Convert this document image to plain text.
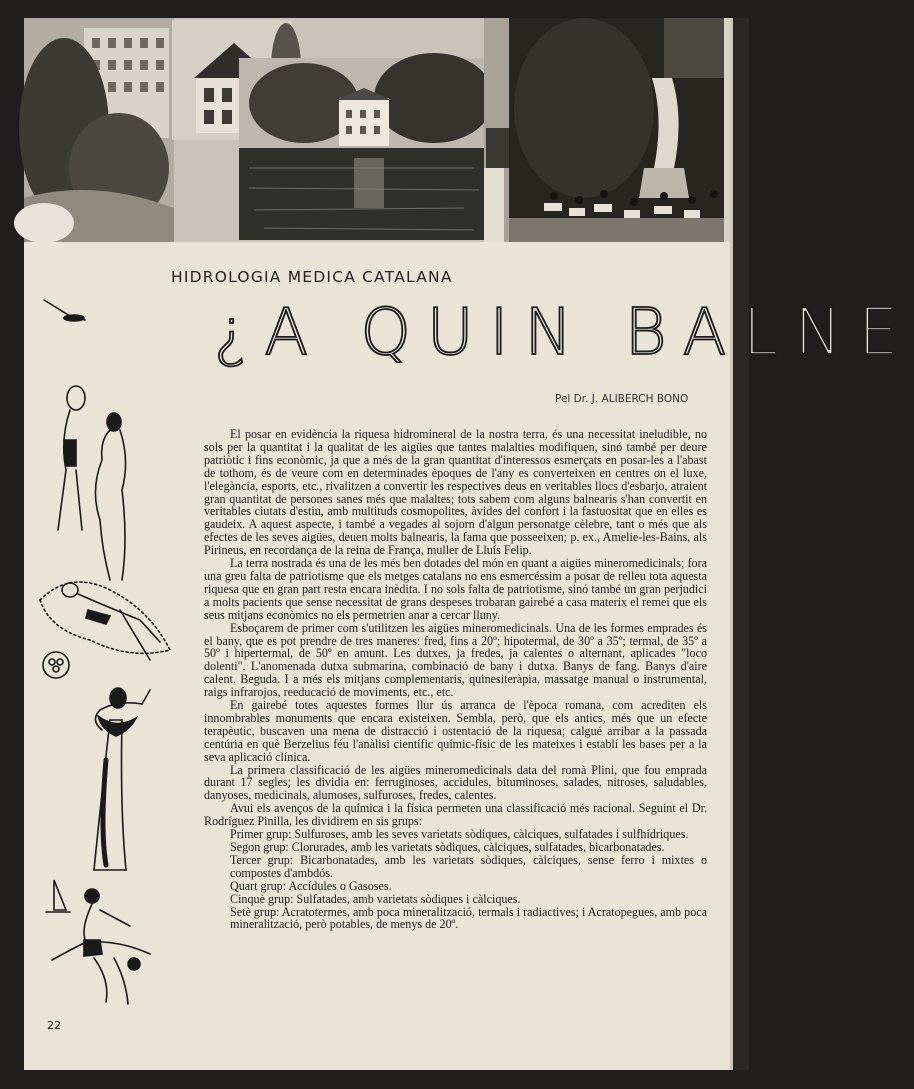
HIDROLOGIA MEDICA CATALANA
¿A QUIN BALNE
Pel Dr. J. ALIBERCH BONO

El posar en evidència la riquesa hidromineral de la nostra terra, és una necessitat ineludible, no sols per la quantitat i la qualitat de les aigües que tantes malalties modifiquen, sinó també per deure patriòtic i fins econòmic, ja que a més de la gran quantitat d'interessos esmerçats en posar-les a l'abast de tothom, és de veure com en determinades èpoques de l'any es converteixen en centres on el luxe, l'elegància, esports, etc., rivalitzen a convertir les respectives deus en veritables llocs d'esbarjo, atraient gran quantitat de persones sanes més que malaltes; tots sabem com alguns balnearis s'han convertit en veritables ciutats d'estiu, amb multituds cosmopolites, àvides del confort i la fastuositat que en elles es gaudeix. A aquest aspecte, i també a vegades al sojorn d'algun personatge cèlebre, tant o més que als efectes de les seves aigües, deuen molts balnearis, la fama que posseeixen; p. ex., Amelie-les-Bains, als Pirineus, en recordança de la reina de França, muller de Lluís Felip.

La terra nostrada és una de les més ben dotades del món en quant a aigües mineromedicinals; fora una greu falta de patriotisme que els metges catalans no ens esmercéssim a posar de relleu tota aquesta riquesa que en gran part resta encara inèdita. I no sols falta de patriotisme, sinó també un gran perjudici a molts pacients que sense necessitat de grans despeses trobaran gairebé a casa materix el remei que els seus mitjans econòmics no els permetrien anar a cercar lluny.

Esboçarem de primer com s'utilitzen les aigües mineromedicinals. Una de les formes emprades és el bany, que es pot prendre de tres maneres: fred, fins a 20º; hipotermal, de 30º a 35º; termal, de 35º a 50º i hipertermal, de 50º en amunt. Les dutxes, ja fredes, ja calentes o alternant, aplicades "loco dolenti". L'anomenada dutxa submarina, combinació de bany i dutxa. Banys de fang. Banys d'aire calent. Beguda. I a més els mitjans complementaris, quinesiteràpia, massatge manual o instrumental, raigs infrarojos, reeducació de moviments, etc., etc.

En gairebé totes aquestes formes llur ús arranca de l'època romana, com acrediten els innombrables monuments que encara existeixen. Sembla, però, que els antics, més que un efecte terapèutic, buscaven una mena de distracció i ostentació de la riquesa; calgué arribar a la passada centúria en què Berzelius féu l'anàlisi científic químic-físic de les mateixes i establí les bases per a la seva aplicació clínica.

La primera classificació de les aigües mineromedicinals data del romà Plini, que fou emprada durant 17 segles; les dividia en: ferruginoses, accidules, bituminoses, salades, nitroses, saludables, danyoses, medicinals, alumoses, sulfuroses, fredes, calentes.

Avui els avenços de la química i la física permeten una classificació més racional. Seguint el Dr. Rodríguez Pinilla, les dividirem en sis grups:

Primer grup: Sulfuroses, amb les seves varietats sòdiques, càlciques, sulfatades i sulfhídriques.

Segon grup: Clorurades, amb les varietats sòdiques, càlciques, sulfatades, bicarbonatades.

Tercer grup: Bicarbonatades, amb les varietats sòdiques, càlciques, sense ferro i mixtes o compostes d'ambdós.

Quart grup: Accídules o Gasoses.

Cinquè grup: Sulfatades, amb varietats sòdiques i càlciques.

Setè grup: Acratotermes, amb poca mineralització, termals i radiactives; i Acratopegues, amb poca mineralització, però potables, de menys de 20º.

22
